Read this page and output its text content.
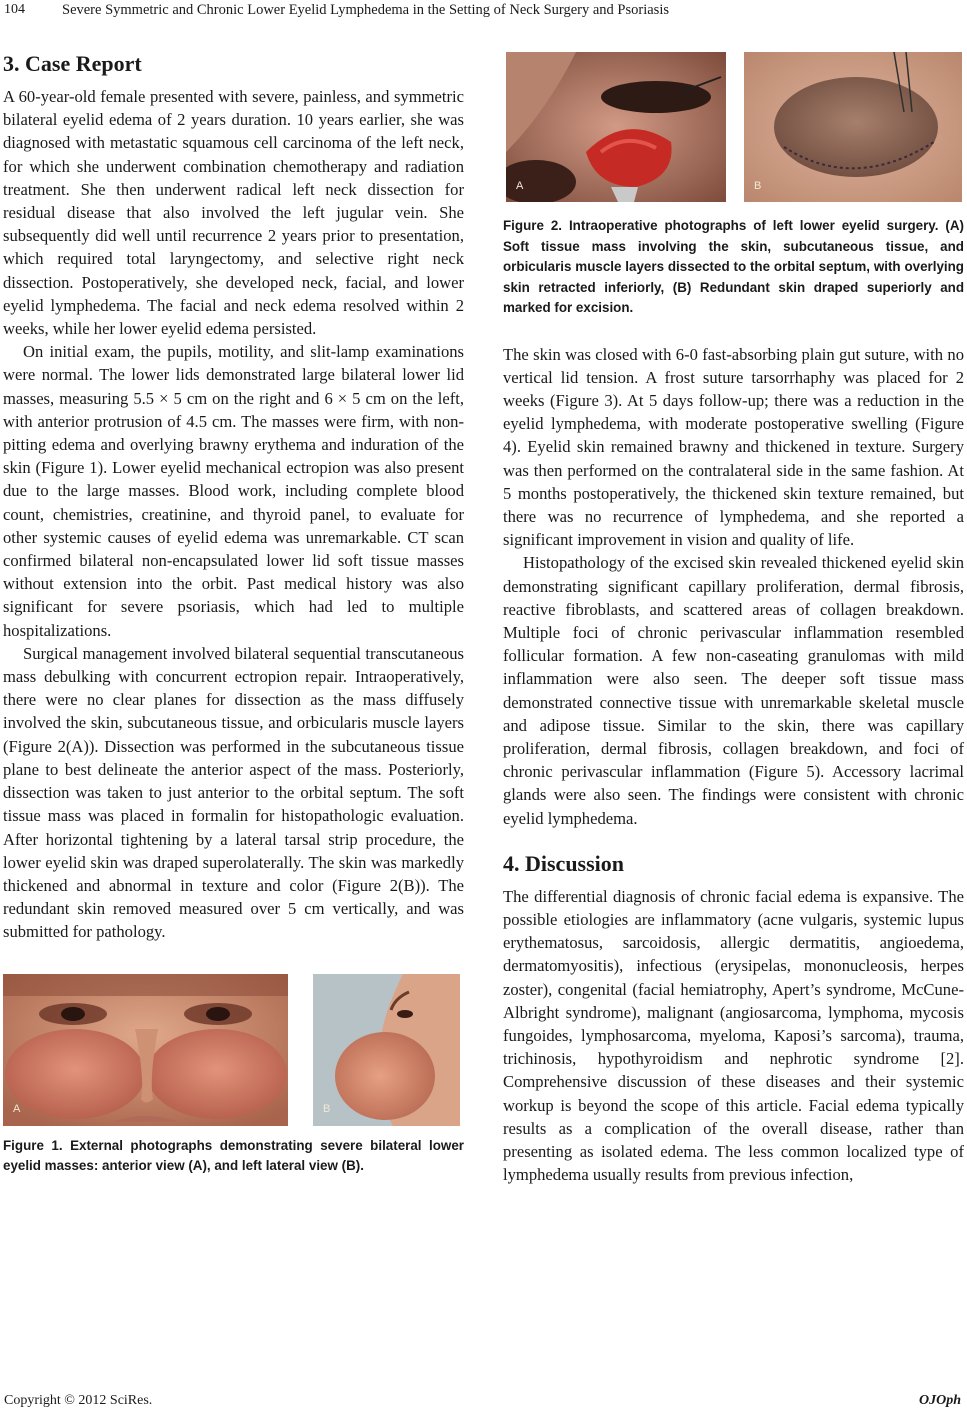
104	Severe Symmetric and Chronic Lower Eyelid Lymphedema in the Setting of Neck Surgery and Psoriasis
3. Case Report

A 60-year-old female presented with severe, painless, and symmetric bilateral eyelid edema of 2 years duration. 10 years earlier, she was diagnosed with metastatic squamous cell carcinoma of the left neck, for which she underwent combination chemotherapy and radiation treatment. She then underwent radical left neck dissection for residual disease that also involved the left jugular vein. She subsequently did well until recurrence 2 years prior to presentation, which required total laryngectomy, and selective right neck dissection. Postoperatively, she developed neck, facial, and lower eyelid lymphedema. The facial and neck edema resolved within 2 weeks, while her lower eyelid edema persisted.

On initial exam, the pupils, motility, and slit-lamp examinations were normal. The lower lids demonstrated large bilateral lower lid masses, measuring 5.5 × 5 cm on the right and 6 × 5 cm on the left, with anterior protrusion of 4.5 cm. The masses were firm, with non-pitting edema and overlying brawny erythema and induration of the skin (Figure 1). Lower eyelid mechanical ectropion was also present due to the large masses. Blood work, including complete blood count, chemistries, creatinine, and thyroid panel, to evaluate for other systemic causes of eyelid edema was unremarkable. CT scan confirmed bilateral non-encapsulated lower lid soft tissue masses without extension into the orbit. Past medical history was also significant for severe psoriasis, which had led to multiple hospitalizations.

Surgical management involved bilateral sequential transcutaneous mass debulking with concurrent ectropion repair. Intraoperatively, there were no clear planes for dissection as the mass diffusely involved the skin, subcutaneous tissue, and orbicularis muscle layers (Figure 2(A)). Dissection was performed in the subcutaneous tissue plane to best delineate the anterior aspect of the mass. Posteriorly, dissection was taken to just anterior to the orbital septum. The soft tissue mass was placed in formalin for histopathologic evaluation. After horizontal tightening by a lateral tarsal strip procedure, the lower eyelid skin was draped superolaterally. The skin was markedly thickened and abnormal in texture and color (Figure 2(B)). The redundant skin removed measured over 5 cm vertically, and was submitted for pathology.

A	B
Figure 1. External photographs demonstrating severe bilateral lower eyelid masses: anterior view (A), and left lateral view (B).
A	B
Figure 2. Intraoperative photographs of left lower eyelid surgery. (A) Soft tissue mass involving the skin, subcutaneous tissue, and orbicularis muscle layers dissected to the orbital septum, with overlying skin retracted inferiorly, (B) Redundant skin draped superiorly and marked for excision.

The skin was closed with 6-0 fast-absorbing plain gut suture, with no vertical lid tension. A frost suture tarsorrhaphy was placed for 2 weeks (Figure 3). At 5 days follow-up; there was a reduction in the eyelid lymphedema, with moderate postoperative swelling (Figure 4). Eyelid skin remained brawny and thickened in texture. Surgery was then performed on the contralateral side in the same fashion. At 5 months postoperatively, the thickened skin texture remained, but there was no recurrence of lymphedema, and she reported a significant improvement in vision and quality of life.

Histopathology of the excised skin revealed thickened eyelid skin demonstrating significant capillary proliferation, dermal fibrosis, reactive fibroblasts, and scattered areas of collagen breakdown. Multiple foci of chronic perivascular inflammation resembled follicular formation. A few non-caseating granulomas with mild inflammation were also seen. The deeper soft tissue mass demonstrated connective tissue with unremarkable skeletal muscle and adipose tissue. Similar to the skin, there was capillary proliferation, dermal fibrosis, collagen breakdown, and foci of chronic perivascular inflammation (Figure 5). Accessory lacrimal glands were also seen. The findings were consistent with chronic eyelid lymphedema.

4. Discussion

The differential diagnosis of chronic facial edema is expansive. The possible etiologies are inflammatory (acne vulgaris, systemic lupus erythematosus, sarcoidosis, allergic dermatitis, angioedema, dermatomyositis), infectious (erysipelas, mononucleosis, herpes zoster), congenital (facial hemiatrophy, Apert’s syndrome, McCune-Albright syndrome), malignant (angiosarcoma, lymphoma, mycosis fungoides, lymphosarcoma, myeloma, Kaposi’s sarcoma), trauma, trichinosis, hypothyroidism and nephrotic syndrome [2]. Comprehensive discussion of these diseases and their systemic workup is beyond the scope of this article. Facial edema typically results as a complication of the overall disease, rather than presenting as isolated edema. The less common localized type of lymphedema usually results from previous infection,

Copyright © 2012 SciRes.	OJOph
